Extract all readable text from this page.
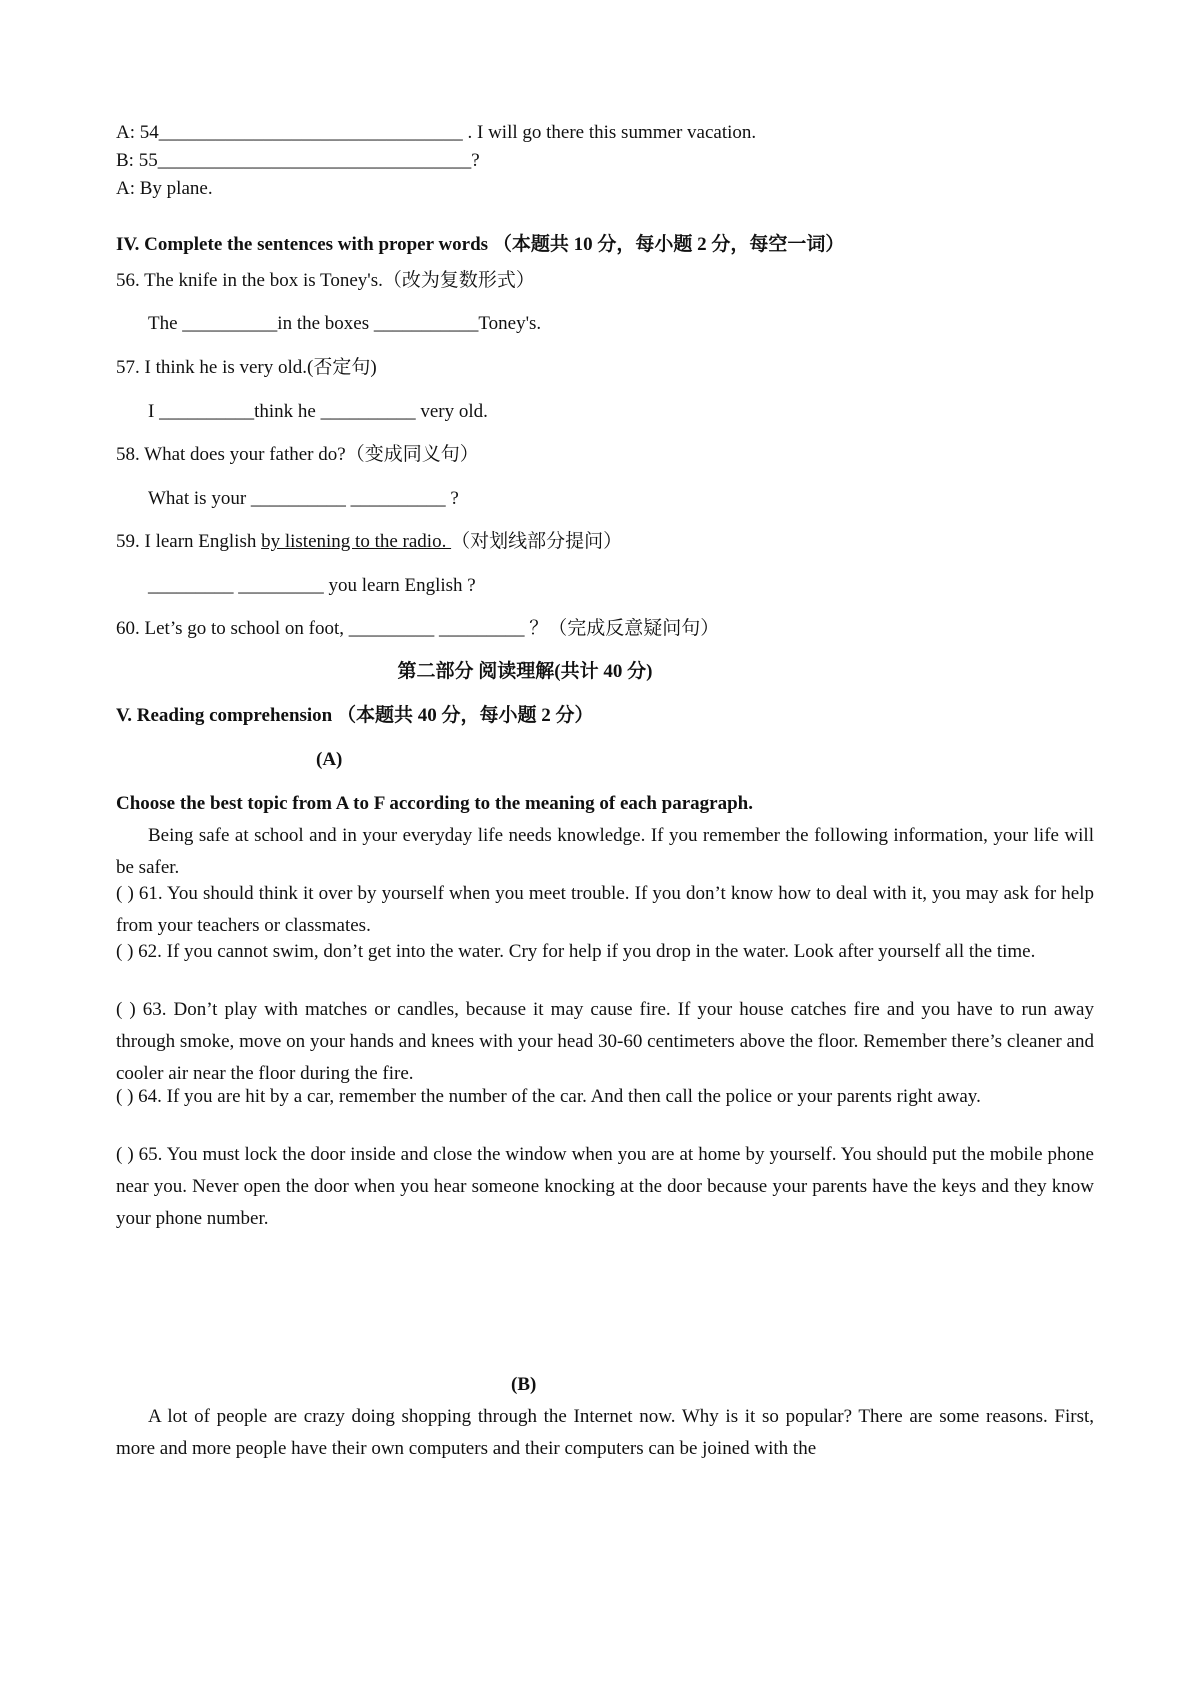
A: 54________________________________ . I will go there this summer vacation.
B: 55_________________________________?
A: By plane.
IV. Complete the sentences with proper words （本题共 10 分，每小题 2 分，每空一词）
56. The knife in the box is Toney's.（改为复数形式）
The __________in the boxes ___________Toney's.
57. I think he is very old.(否定句)
I __________think he __________ very old.
58. What does your father do?（变成同义句）
What is your __________ __________ ?
59. I learn English by listening to the radio. （对划线部分提问）
_________ _________ you learn English ?
60. Let’s go to school on foot, _________ _________ ？（完成反意疑问句）
第二部分 阅读理解(共计 40 分)
V. Reading comprehension （本题共 40 分，每小题 2 分）
(A)
Choose the best topic from A to F according to the meaning of each paragraph.
Being safe at school and in your everyday life needs knowledge. If you remember the following information, your life will be safer.
( ) 61. You should think it over by yourself when you meet trouble. If you don’t know how to deal with it, you may ask for help from your teachers or classmates.
( ) 62. If you cannot swim, don’t get into the water. Cry for help if you drop in the water. Look after yourself all the time.
( ) 63. Don’t play with matches or candles, because it may cause fire. If your house catches fire and you have to run away through smoke, move on your hands and knees with your head 30-60 centimeters above the floor. Remember there’s cleaner and cooler air near the floor during the fire.
( ) 64. If you are hit by a car, remember the number of the car. And then call the police or your parents right away.
( ) 65. You must lock the door inside and close the window when you are at home by yourself. You should put the mobile phone near you. Never open the door when you hear someone knocking at the door because your parents have the keys and they know your phone number.
(B)
A lot of people are crazy doing shopping through the Internet now. Why is it so popular? There are some reasons. First, more and more people have their own computers and their computers can be joined with the
